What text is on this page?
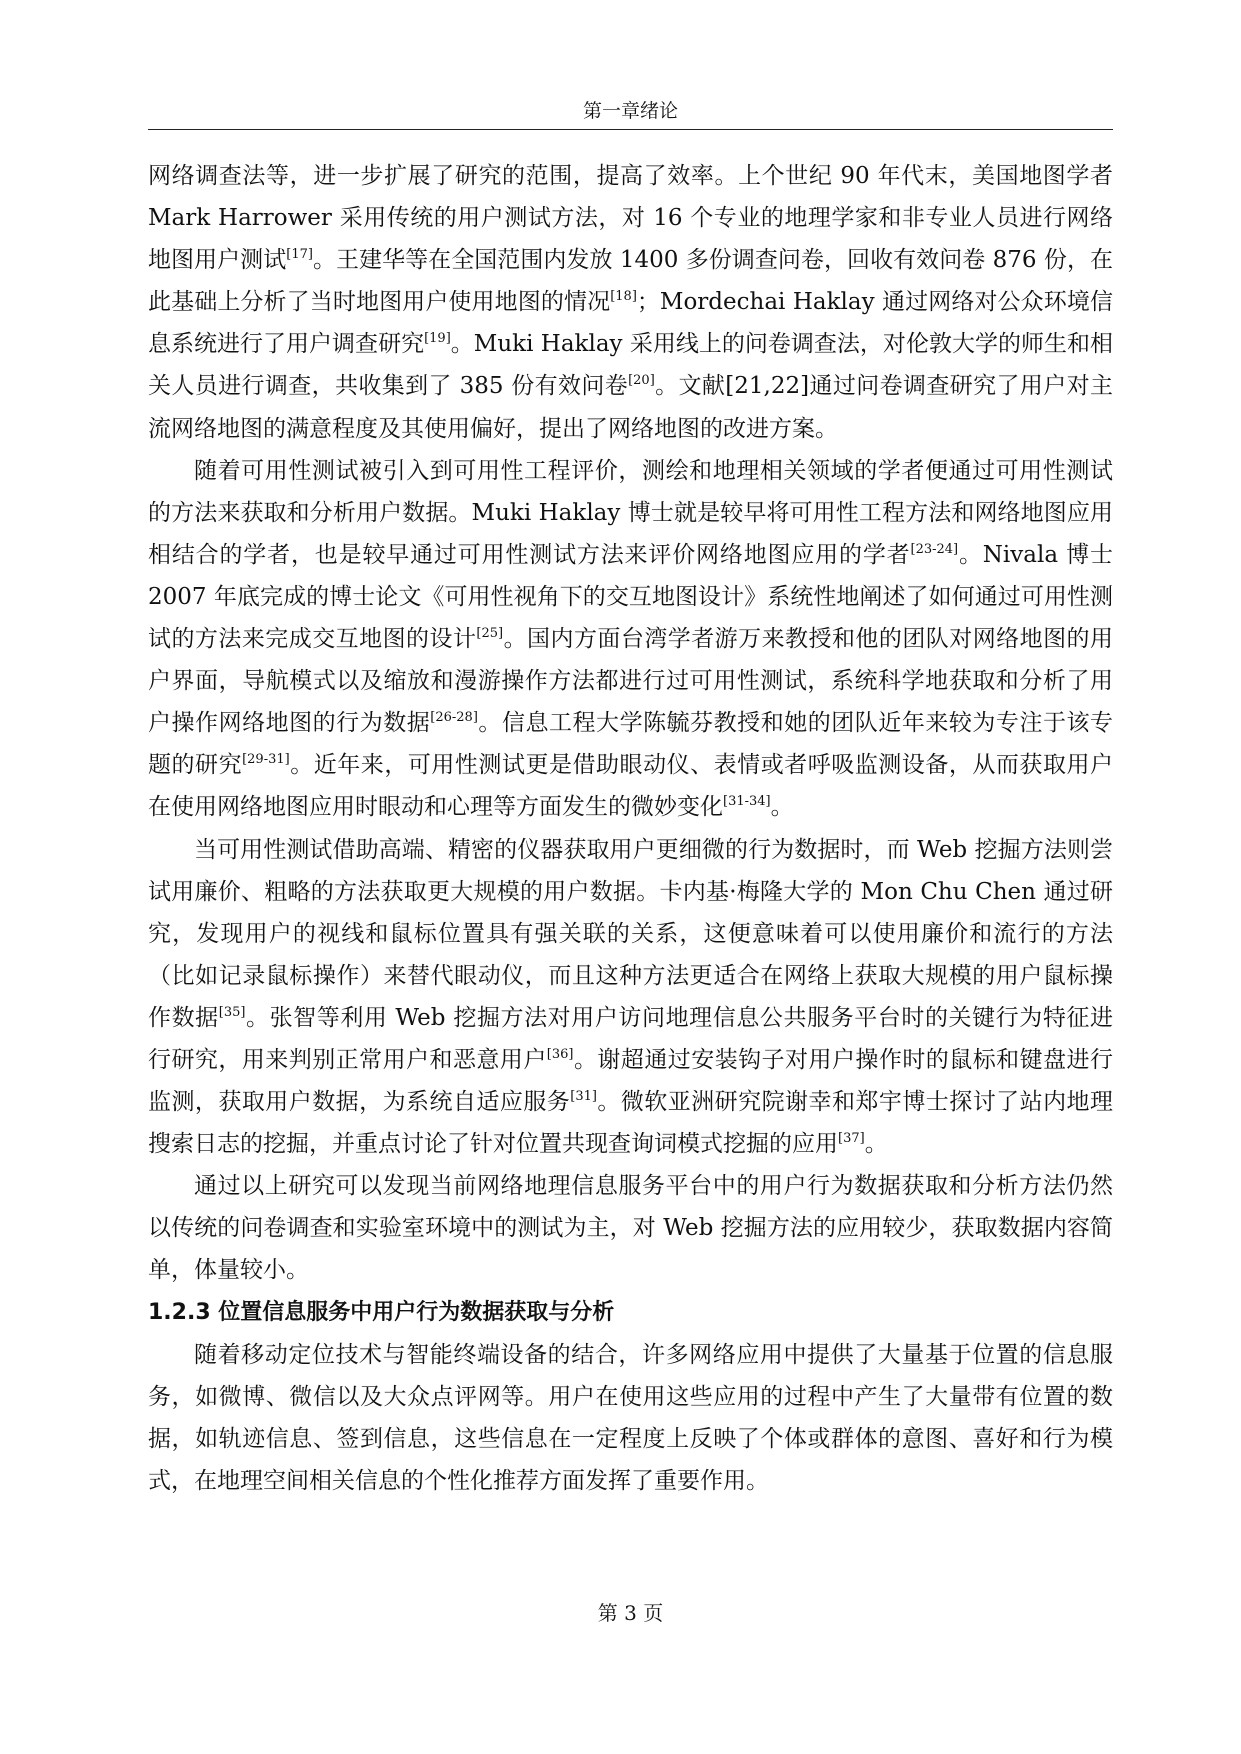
第一章绪论

网络调查法等，进一步扩展了研究的范围，提高了效率。上个世纪 90 年代末，美国地图学者 Mark Harrower 采用传统的用户测试方法，对 16 个专业的地理学家和非专业人员进行网络地图用户测试[17]。王建华等在全国范围内发放 1400 多份调查问卷，回收有效问卷 876 份，在此基础上分析了当时地图用户使用地图的情况[18]；Mordechai Haklay 通过网络对公众环境信息系统进行了用户调查研究[19]。Muki Haklay 采用线上的问卷调查法，对伦敦大学的师生和相关人员进行调查，共收集到了 385 份有效问卷[20]。文献[21,22]通过问卷调查研究了用户对主流网络地图的满意程度及其使用偏好，提出了网络地图的改进方案。

随着可用性测试被引入到可用性工程评价，测绘和地理相关领域的学者便通过可用性测试的方法来获取和分析用户数据。Muki Haklay 博士就是较早将可用性工程方法和网络地图应用相结合的学者，也是较早通过可用性测试方法来评价网络地图应用的学者[23-24]。Nivala 博士 2007 年底完成的博士论文《可用性视角下的交互地图设计》系统性地阐述了如何通过可用性测试的方法来完成交互地图的设计[25]。国内方面台湾学者游万来教授和他的团队对网络地图的用户界面，导航模式以及缩放和漫游操作方法都进行过可用性测试，系统科学地获取和分析了用户操作网络地图的行为数据[26-28]。信息工程大学陈毓芬教授和她的团队近年来较为专注于该专题的研究[29-31]。近年来，可用性测试更是借助眼动仪、表情或者呼吸监测设备，从而获取用户在使用网络地图应用时眼动和心理等方面发生的微妙变化[31-34]。

当可用性测试借助高端、精密的仪器获取用户更细微的行为数据时，而 Web 挖掘方法则尝试用廉价、粗略的方法获取更大规模的用户数据。卡内基·梅隆大学的 Mon Chu Chen 通过研究，发现用户的视线和鼠标位置具有强关联的关系，这便意味着可以使用廉价和流行的方法（比如记录鼠标操作）来替代眼动仪，而且这种方法更适合在网络上获取大规模的用户鼠标操作数据[35]。张智等利用 Web 挖掘方法对用户访问地理信息公共服务平台时的关键行为特征进行研究，用来判别正常用户和恶意用户[36]。谢超通过安装钩子对用户操作时的鼠标和键盘进行监测，获取用户数据，为系统自适应服务[31]。微软亚洲研究院谢幸和郑宇博士探讨了站内地理搜索日志的挖掘，并重点讨论了针对位置共现查询词模式挖掘的应用[37]。

通过以上研究可以发现当前网络地理信息服务平台中的用户行为数据获取和分析方法仍然以传统的问卷调查和实验室环境中的测试为主，对 Web 挖掘方法的应用较少，获取数据内容简单，体量较小。

1.2.3 位置信息服务中用户行为数据获取与分析

随着移动定位技术与智能终端设备的结合，许多网络应用中提供了大量基于位置的信息服务，如微博、微信以及大众点评网等。用户在使用这些应用的过程中产生了大量带有位置的数据，如轨迹信息、签到信息，这些信息在一定程度上反映了个体或群体的意图、喜好和行为模式，在地理空间相关信息的个性化推荐方面发挥了重要作用。

第 3 页
